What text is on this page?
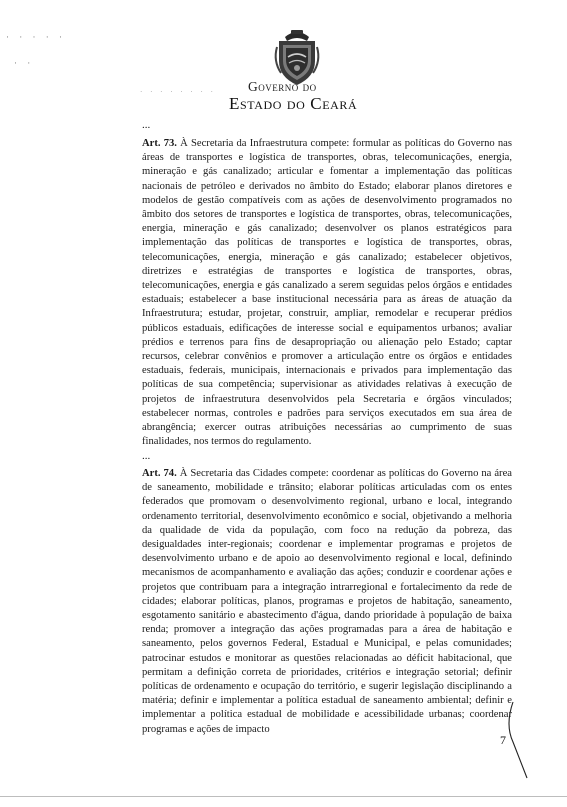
· · · · ·
· ·
· · · · · · · · Governo do
Estado do Ceará
...
Art. 73. À Secretaria da Infraestrutura compete: formular as políticas do Governo nas áreas de transportes e logística de transportes, obras, telecomunicações, energia, mineração e gás canalizado; articular e fomentar a implementação das políticas nacionais de petróleo e derivados no âmbito do Estado; elaborar planos diretores e modelos de gestão compatíveis com as ações de desenvolvimento programados no âmbito dos setores de transportes e logística de transportes, obras, telecomunicações, energia, mineração e gás canalizado; desenvolver os planos estratégicos para implementação das políticas de transportes e logística de transportes, obras, telecomunicações, energia, mineração e gás canalizado; estabelecer objetivos, diretrizes e estratégias de transportes e logística de transportes, obras, telecomunicações, energia e gás canalizado a serem seguidas pelos órgãos e entidades estaduais; estabelecer a base institucional necessária para as áreas de atuação da Infraestrutura; estudar, projetar, construir, ampliar, remodelar e recuperar prédios públicos estaduais, edificações de interesse social e equipamentos urbanos; avaliar prédios e terrenos para fins de desapropriação ou alienação pelo Estado; captar recursos, celebrar convênios e promover a articulação entre os órgãos e entidades estaduais, federais, municipais, internacionais e privados para implementação das políticas de sua competência; supervisionar as atividades relativas à execução de projetos de infraestrutura desenvolvidos pela Secretaria e órgãos vinculados; estabelecer normas, controles e padrões para serviços executados em sua área de abrangência; exercer outras atribuições necessárias ao cumprimento de suas finalidades, nos termos do regulamento.
...
Art. 74. À Secretaria das Cidades compete: coordenar as políticas do Governo na área de saneamento, mobilidade e trânsito; elaborar políticas articuladas com os entes federados que promovam o desenvolvimento regional, urbano e local, integrando ordenamento territorial, desenvolvimento econômico e social, objetivando a melhoria da qualidade de vida da população, com foco na redução da pobreza, das desigualdades inter-regionais; coordenar e implementar programas e projetos de desenvolvimento urbano e de apoio ao desenvolvimento regional e local, definindo mecanismos de acompanhamento e avaliação das ações; conduzir e coordenar ações e projetos que contribuam para a integração intrarregional e fortalecimento da rede de cidades; elaborar políticas, planos, programas e projetos de habitação, saneamento, esgotamento sanitário e abastecimento d'água, dando prioridade à população de baixa renda; promover a integração das ações programadas para a área de habitação e saneamento, pelos governos Federal, Estadual e Municipal, e pelas comunidades; patrocinar estudos e monitorar as questões relacionadas ao déficit habitacional, que permitam a definição correta de prioridades, critérios e integração setorial; definir políticas de ordenamento e ocupação do território, e sugerir legislação disciplinando a matéria; definir e implementar a política estadual de saneamento ambiental; definir e implementar a política estadual de mobilidade e acessibilidade urbanas; coordenar programas e ações de impacto
7
